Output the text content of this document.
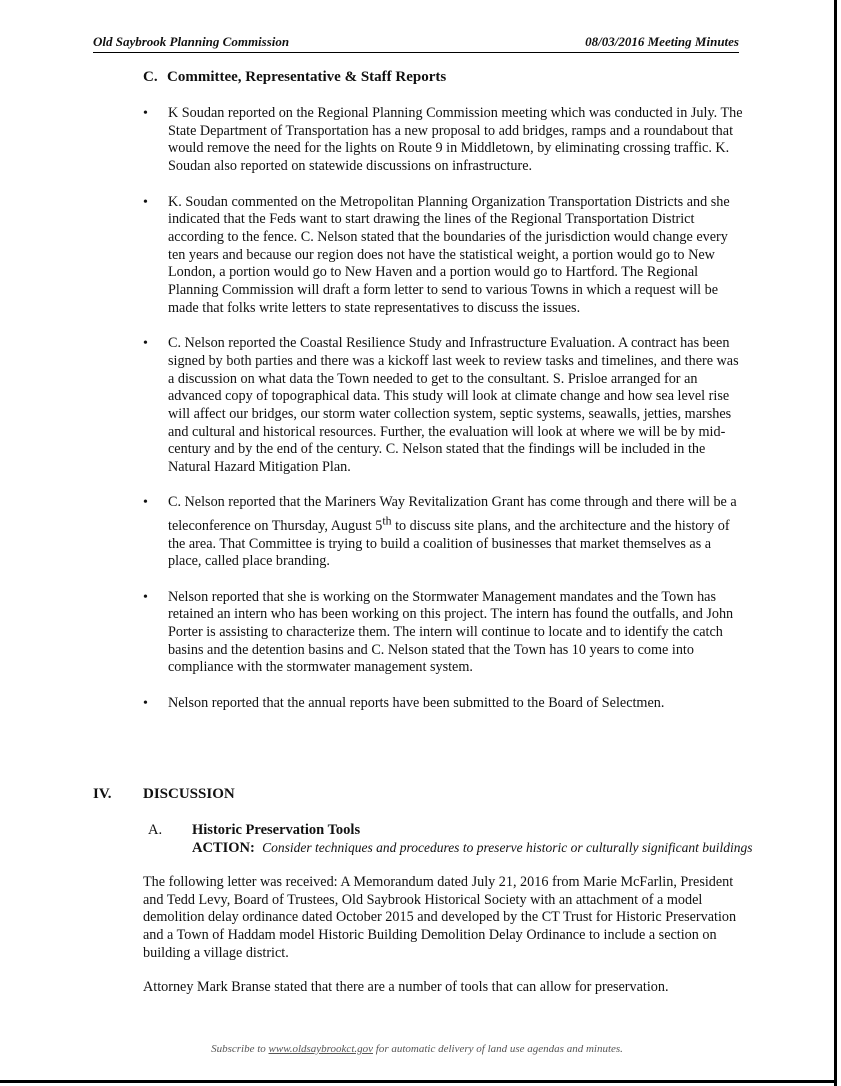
Old Saybrook Planning Commission	08/03/2016 Meeting Minutes
C. Committee, Representative & Staff Reports
• K Soudan reported on the Regional Planning Commission meeting which was conducted in July. The State Department of Transportation has a new proposal to add bridges, ramps and a roundabout that would remove the need for the lights on Route 9 in Middletown, by eliminating crossing traffic. K. Soudan also reported on statewide discussions on infrastructure.
• K. Soudan commented on the Metropolitan Planning Organization Transportation Districts and she indicated that the Feds want to start drawing the lines of the Regional Transportation District according to the fence. C. Nelson stated that the boundaries of the jurisdiction would change every ten years and because our region does not have the statistical weight, a portion would go to New London, a portion would go to New Haven and a portion would go to Hartford. The Regional Planning Commission will draft a form letter to send to various Towns in which a request will be made that folks write letters to state representatives to discuss the issues.
• C. Nelson reported the Coastal Resilience Study and Infrastructure Evaluation. A contract has been signed by both parties and there was a kickoff last week to review tasks and timelines, and there was a discussion on what data the Town needed to get to the consultant. S. Prisloe arranged for an advanced copy of topographical data. This study will look at climate change and how sea level rise will affect our bridges, our storm water collection system, septic systems, seawalls, jetties, marshes and cultural and historical resources. Further, the evaluation will look at where we will be by mid-century and by the end of the century. C. Nelson stated that the findings will be included in the Natural Hazard Mitigation Plan.
• C. Nelson reported that the Mariners Way Revitalization Grant has come through and there will be a teleconference on Thursday, August 5th to discuss site plans, and the architecture and the history of the area. That Committee is trying to build a coalition of businesses that market themselves as a place, called place branding.
• Nelson reported that she is working on the Stormwater Management mandates and the Town has retained an intern who has been working on this project. The intern has found the outfalls, and John Porter is assisting to characterize them. The intern will continue to locate and to identify the catch basins and the detention basins and C. Nelson stated that the Town has 10 years to come into compliance with the stormwater management system.
• Nelson reported that the annual reports have been submitted to the Board of Selectmen.
IV. DISCUSSION
A. Historic Preservation Tools
ACTION: Consider techniques and procedures to preserve historic or culturally significant buildings

The following letter was received: A Memorandum dated July 21, 2016 from Marie McFarlin, President and Tedd Levy, Board of Trustees, Old Saybrook Historical Society with an attachment of a model demolition delay ordinance dated October 2015 and developed by the CT Trust for Historic Preservation and a Town of Haddam model Historic Building Demolition Delay Ordinance to include a section on building a village district.

Attorney Mark Branse stated that there are a number of tools that can allow for preservation.

Subscribe to www.oldsaybrookct.gov for automatic delivery of land use agendas and minutes.
